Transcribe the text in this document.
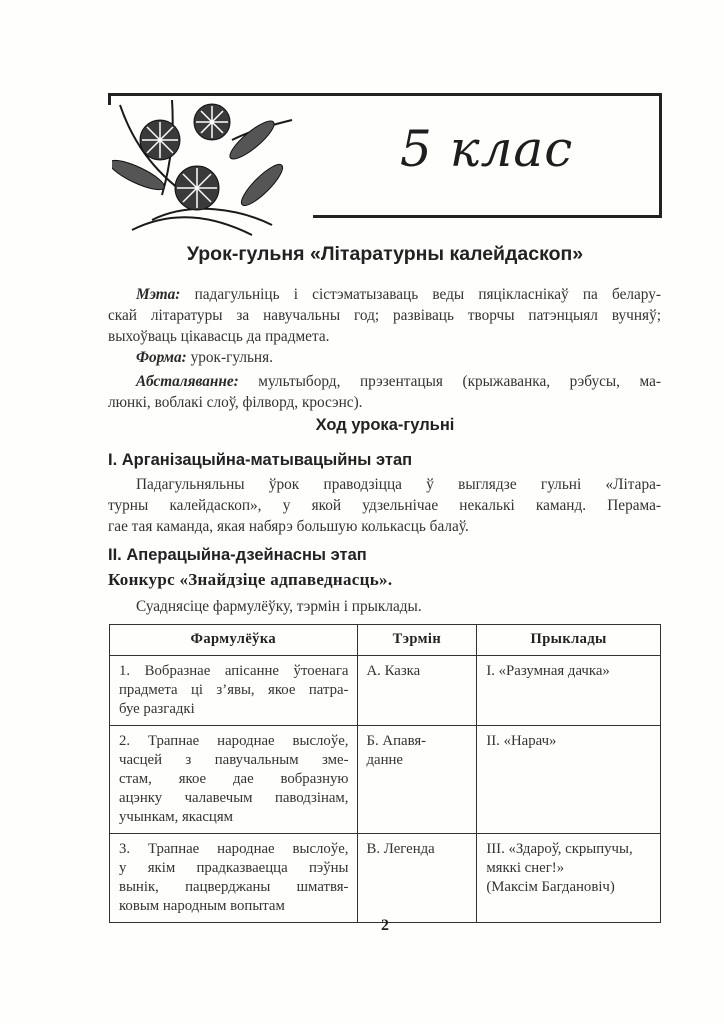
5 клас
Урок-гульня «Літаратурны калейдаскоп»
Мэта: падагульніць і сістэматызаваць веды пяцікласнікаў па белару-
скай літаратуры за навучальны год; развіваць творчы патэнцыял вучняў;
выхоўваць цікавасць да прадмета.
Форма: урок-гульня.
Абсталяванне: мультыборд, прэзентацыя (крыжаванка, рэбусы, ма-
люнкі, воблакі слоў, філворд, кросэнс).
Ход урока-гульні
I. Арганізацыйна-матывацыйны этап
Падагульняльны ўрок праводзіцца ў выглядзе гульні «Літара-
турны калейдаскоп», у якой удзельнічае некалькі каманд. Перама-
гае тая каманда, якая набярэ большую колькасць балаў.
II. Аперацыйна-дзейнасны этап
Конкурс «Знайдзіце адпаведнасць».
Суаднясіце фармулёўку, тэрмін і прыклады.
Фармулёўка	Тэрмін	Прыклады

1. Вобразнае апісанне ўтоенага
прадмета ці з’явы, якое патра-
буе разгадкі	А. Казка	I. «Разумная дачка»

2. Трапнае народнае выслоўе,
часцей з павучальным зме-
стам, якое дае вобразную
ацэнку чалавечым паводзінам,
учынкам, якасцям	Б. Апавя-
данне	II. «Нарач»

3. Трапнае народнае выслоўе,
у якім прадказваецца пэўны
вынік, пацверджаны шматвя-
ковым народным вопытам	В. Легенда	III. «Здароў, скрыпучы,
мяккі снег!»
(Максім Багдановіч)
2
